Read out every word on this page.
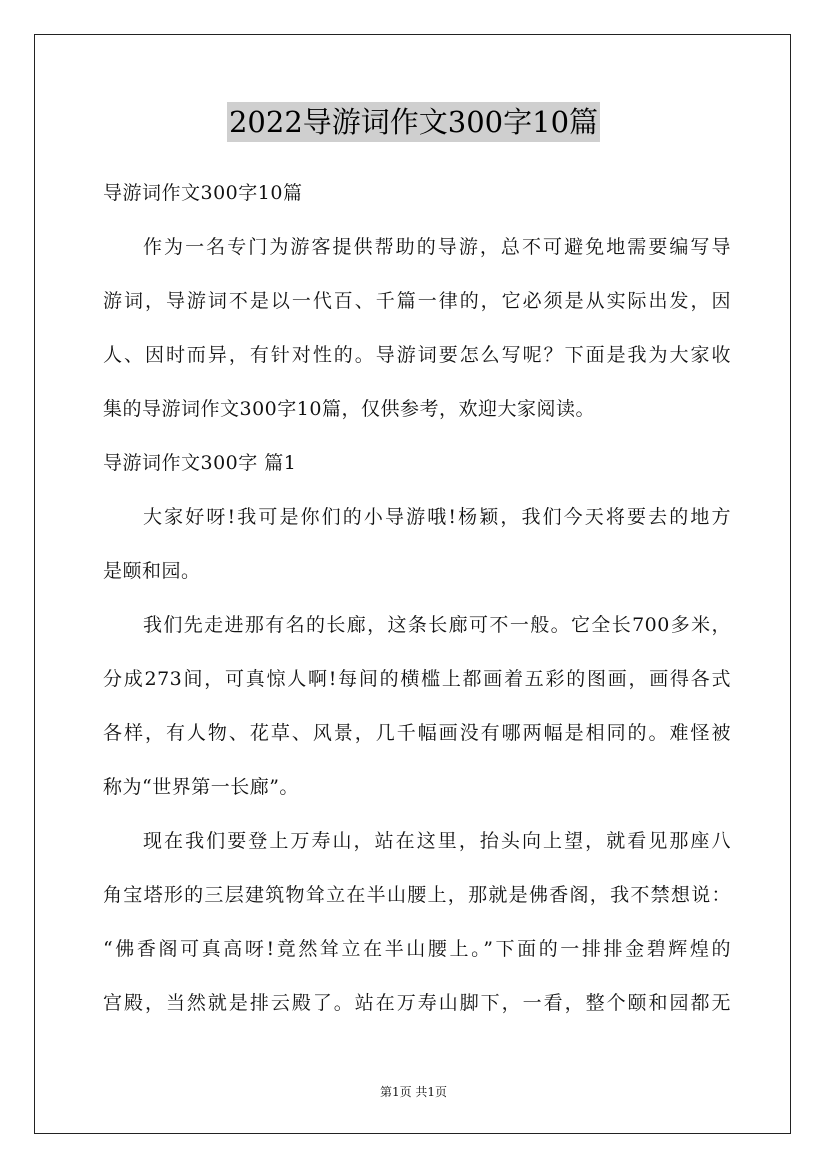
2022导游词作文300字10篇
导游词作文300字10篇
作为一名专门为游客提供帮助的导游，总不可避免地需要编写导
游词，导游词不是以一代百、千篇一律的，它必须是从实际出发，因
人、因时而异，有针对性的。导游词要怎么写呢？下面是我为大家收
集的导游词作文300字10篇，仅供参考，欢迎大家阅读。
导游词作文300字 篇1
大家好呀!我可是你们的小导游哦!杨颖，我们今天将要去的地方
是颐和园。
我们先走进那有名的长廊，这条长廊可不一般。它全长700多米，
分成273间，可真惊人啊!每间的横槛上都画着五彩的图画，画得各式
各样，有人物、花草、风景，几千幅画没有哪两幅是相同的。难怪被
称为“世界第一长廊”。
现在我们要登上万寿山，站在这里，抬头向上望，就看见那座八
角宝塔形的三层建筑物耸立在半山腰上，那就是佛香阁，我不禁想说：
“佛香阁可真高呀!竟然耸立在半山腰上。”下面的一排排金碧辉煌的
宫殿，当然就是排云殿了。站在万寿山脚下，一看，整个颐和园都无
第1页 共1页
